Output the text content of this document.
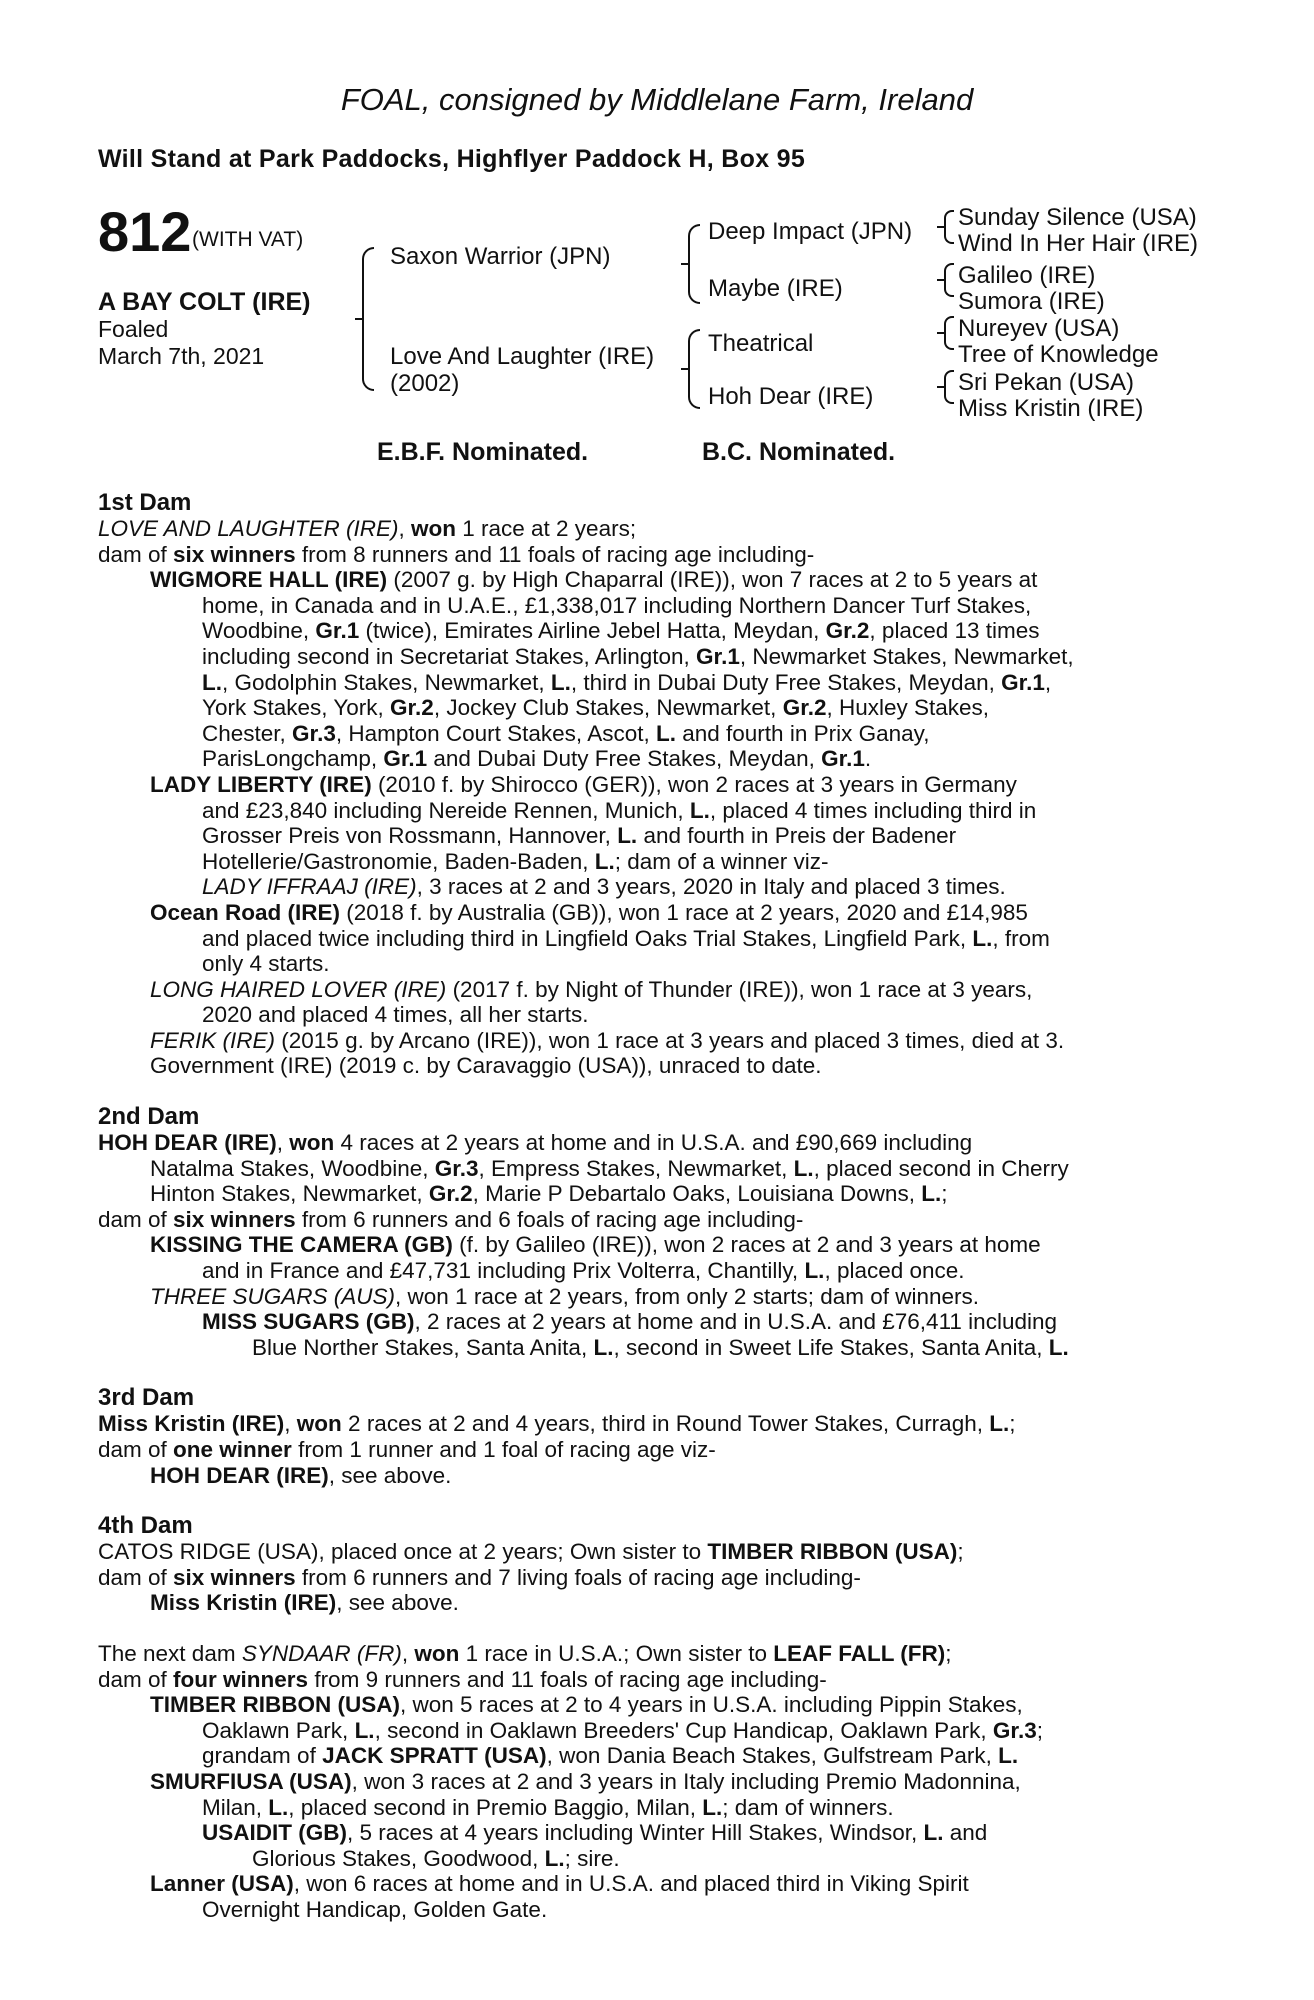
FOAL, consigned by Middlelane Farm, Ireland
Will Stand at Park Paddocks, Highflyer Paddock H, Box 95
812 (WITH VAT)
A BAY COLT (IRE)
Foaled
March 7th, 2021
Saxon Warrior (JPN)
Love And Laughter (IRE)
(2002)
Deep Impact (JPN)
Maybe (IRE)
Theatrical
Hoh Dear (IRE)
Sunday Silence (USA)
Wind In Her Hair (IRE)
Galileo (IRE)
Sumora (IRE)
Nureyev (USA)
Tree of Knowledge
Sri Pekan (USA)
Miss Kristin (IRE)
E.B.F. Nominated.	B.C. Nominated.
1st Dam
LOVE AND LAUGHTER (IRE), won 1 race at 2 years;
dam of six winners from 8 runners and 11 foals of racing age including-
WIGMORE HALL (IRE) (2007 g. by High Chaparral (IRE)), won 7 races at 2 to 5 years at
home, in Canada and in U.A.E., £1,338,017 including Northern Dancer Turf Stakes,
Woodbine, Gr.1 (twice), Emirates Airline Jebel Hatta, Meydan, Gr.2, placed 13 times
including second in Secretariat Stakes, Arlington, Gr.1, Newmarket Stakes, Newmarket,
L., Godolphin Stakes, Newmarket, L., third in Dubai Duty Free Stakes, Meydan, Gr.1,
York Stakes, York, Gr.2, Jockey Club Stakes, Newmarket, Gr.2, Huxley Stakes,
Chester, Gr.3, Hampton Court Stakes, Ascot, L. and fourth in Prix Ganay,
ParisLongchamp, Gr.1 and Dubai Duty Free Stakes, Meydan, Gr.1.
LADY LIBERTY (IRE) (2010 f. by Shirocco (GER)), won 2 races at 3 years in Germany
and £23,840 including Nereide Rennen, Munich, L., placed 4 times including third in
Grosser Preis von Rossmann, Hannover, L. and fourth in Preis der Badener
Hotellerie/Gastronomie, Baden-Baden, L.; dam of a winner viz-
LADY IFFRAAJ (IRE), 3 races at 2 and 3 years, 2020 in Italy and placed 3 times.
Ocean Road (IRE) (2018 f. by Australia (GB)), won 1 race at 2 years, 2020 and £14,985
and placed twice including third in Lingfield Oaks Trial Stakes, Lingfield Park, L., from
only 4 starts.
LONG HAIRED LOVER (IRE) (2017 f. by Night of Thunder (IRE)), won 1 race at 3 years,
2020 and placed 4 times, all her starts.
FERIK (IRE) (2015 g. by Arcano (IRE)), won 1 race at 3 years and placed 3 times, died at 3.
Government (IRE) (2019 c. by Caravaggio (USA)), unraced to date.
2nd Dam
HOH DEAR (IRE), won 4 races at 2 years at home and in U.S.A. and £90,669 including
Natalma Stakes, Woodbine, Gr.3, Empress Stakes, Newmarket, L., placed second in Cherry
Hinton Stakes, Newmarket, Gr.2, Marie P Debartalo Oaks, Louisiana Downs, L.;
dam of six winners from 6 runners and 6 foals of racing age including-
KISSING THE CAMERA (GB) (f. by Galileo (IRE)), won 2 races at 2 and 3 years at home
and in France and £47,731 including Prix Volterra, Chantilly, L., placed once.
THREE SUGARS (AUS), won 1 race at 2 years, from only 2 starts; dam of winners.
MISS SUGARS (GB), 2 races at 2 years at home and in U.S.A. and £76,411 including
Blue Norther Stakes, Santa Anita, L., second in Sweet Life Stakes, Santa Anita, L.
3rd Dam
Miss Kristin (IRE), won 2 races at 2 and 4 years, third in Round Tower Stakes, Curragh, L.;
dam of one winner from 1 runner and 1 foal of racing age viz-
HOH DEAR (IRE), see above.
4th Dam
CATOS RIDGE (USA), placed once at 2 years; Own sister to TIMBER RIBBON (USA);
dam of six winners from 6 runners and 7 living foals of racing age including-
Miss Kristin (IRE), see above.
The next dam SYNDAAR (FR), won 1 race in U.S.A.; Own sister to LEAF FALL (FR);
dam of four winners from 9 runners and 11 foals of racing age including-
TIMBER RIBBON (USA), won 5 races at 2 to 4 years in U.S.A. including Pippin Stakes,
Oaklawn Park, L., second in Oaklawn Breeders' Cup Handicap, Oaklawn Park, Gr.3;
grandam of JACK SPRATT (USA), won Dania Beach Stakes, Gulfstream Park, L.
SMURFIUSA (USA), won 3 races at 2 and 3 years in Italy including Premio Madonnina,
Milan, L., placed second in Premio Baggio, Milan, L.; dam of winners.
USAIDIT (GB), 5 races at 4 years including Winter Hill Stakes, Windsor, L. and
Glorious Stakes, Goodwood, L.; sire.
Lanner (USA), won 6 races at home and in U.S.A. and placed third in Viking Spirit
Overnight Handicap, Golden Gate.
